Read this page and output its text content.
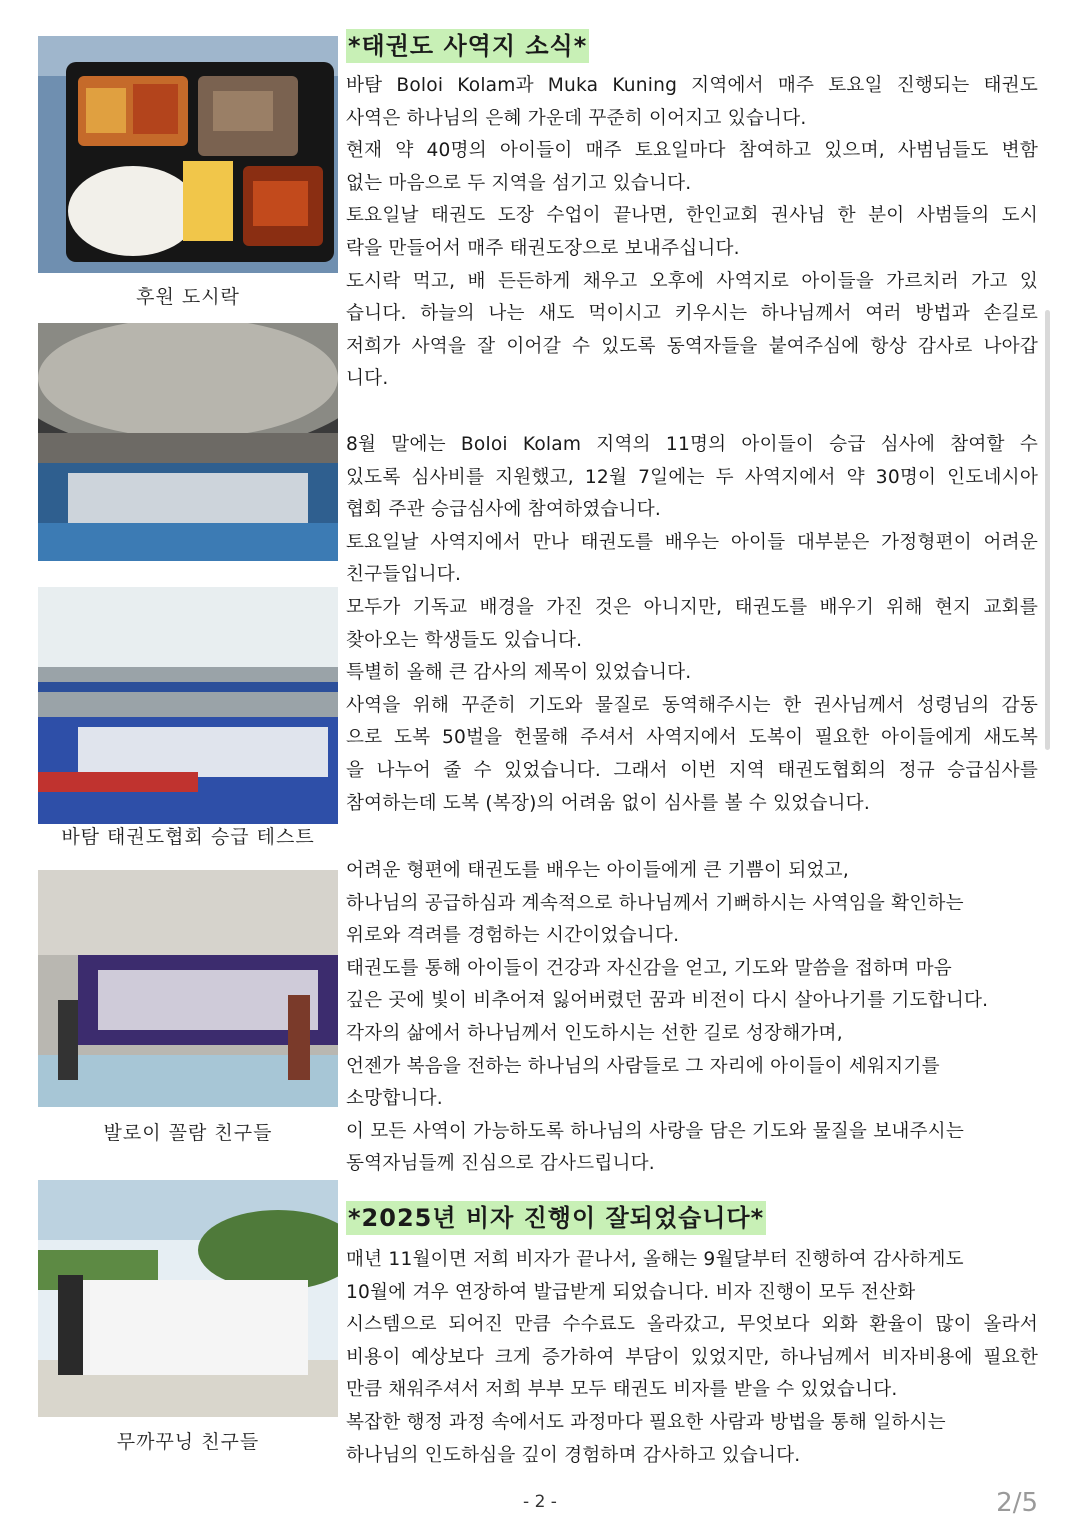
후원 도시락
바탐 태권도협회 승급 테스트
발로이 꼴람 친구들
무까꾸닝 친구들
*태권도 사역지 소식*
바탐 Boloi Kolam과 Muka Kuning 지역에서 매주 토요일 진행되는 태권도
사역은 하나님의 은혜 가운데 꾸준히 이어지고 있습니다.
현재 약 40명의 아이들이 매주 토요일마다 참여하고 있으며, 사범님들도 변함
없는 마음으로 두 지역을 섬기고 있습니다.
토요일날 태권도 도장 수업이 끝나면, 한인교회 권사님 한 분이 사범들의 도시
락을 만들어서 매주 태권도장으로 보내주십니다.
도시락 먹고, 배 든든하게 채우고 오후에 사역지로 아이들을 가르치러 가고 있
습니다. 하늘의 나는 새도 먹이시고 키우시는 하나님께서 여러 방법과 손길로
저희가 사역을 잘 이어갈 수 있도록 동역자들을 붙여주심에 항상 감사로 나아갑
니다.
8월 말에는 Boloi Kolam 지역의 11명의 아이들이 승급 심사에 참여할 수
있도록 심사비를 지원했고, 12월 7일에는 두 사역지에서 약 30명이 인도네시아
협회 주관 승급심사에 참여하였습니다.
토요일날 사역지에서 만나 태권도를 배우는 아이들 대부분은 가정형편이 어려운
친구들입니다.
모두가 기독교 배경을 가진 것은 아니지만, 태권도를 배우기 위해 현지 교회를
찾아오는 학생들도 있습니다.
특별히 올해 큰 감사의 제목이 있었습니다.
사역을 위해 꾸준히 기도와 물질로 동역해주시는 한 권사님께서 성령님의 감동
으로 도복 50벌을 헌물해 주셔서 사역지에서 도복이 필요한 아이들에게 새도복
을 나누어 줄 수 있었습니다. 그래서 이번 지역 태권도협회의 정규 승급심사를
참여하는데 도복 (복장)의 어려움 없이 심사를 볼 수 있었습니다.
어려운 형편에 태권도를 배우는 아이들에게 큰 기쁨이 되었고,
하나님의 공급하심과 계속적으로 하나님께서 기뻐하시는 사역임을 확인하는
위로와 격려를 경험하는 시간이었습니다.
태권도를 통해 아이들이 건강과 자신감을 얻고, 기도와 말씀을 접하며 마음
깊은 곳에 빛이 비추어져 잃어버렸던 꿈과 비전이 다시 살아나기를 기도합니다.
각자의 삶에서 하나님께서 인도하시는 선한 길로 성장해가며,
언젠가 복음을 전하는 하나님의 사람들로 그 자리에 아이들이 세워지기를
소망합니다.
이 모든 사역이 가능하도록 하나님의 사랑을 담은 기도와 물질을 보내주시는
동역자님들께 진심으로 감사드립니다.
*2025년 비자 진행이 잘되었습니다*
매년 11월이면 저희 비자가 끝나서, 올해는 9월달부터 진행하여 감사하게도
10월에 겨우 연장하여 발급받게 되었습니다. 비자 진행이 모두 전산화
시스템으로 되어진 만큼 수수료도 올라갔고, 무엇보다 외화 환율이 많이 올라서
비용이 예상보다 크게 증가하여 부담이 있었지만, 하나님께서 비자비용에 필요한
만큼 채워주셔서 저희 부부 모두 태권도 비자를 받을 수 있었습니다.
복잡한 행정 과정 속에서도 과정마다 필요한 사람과 방법을 통해 일하시는
하나님의 인도하심을 깊이 경험하며 감사하고 있습니다.
- 2 -	2/5
